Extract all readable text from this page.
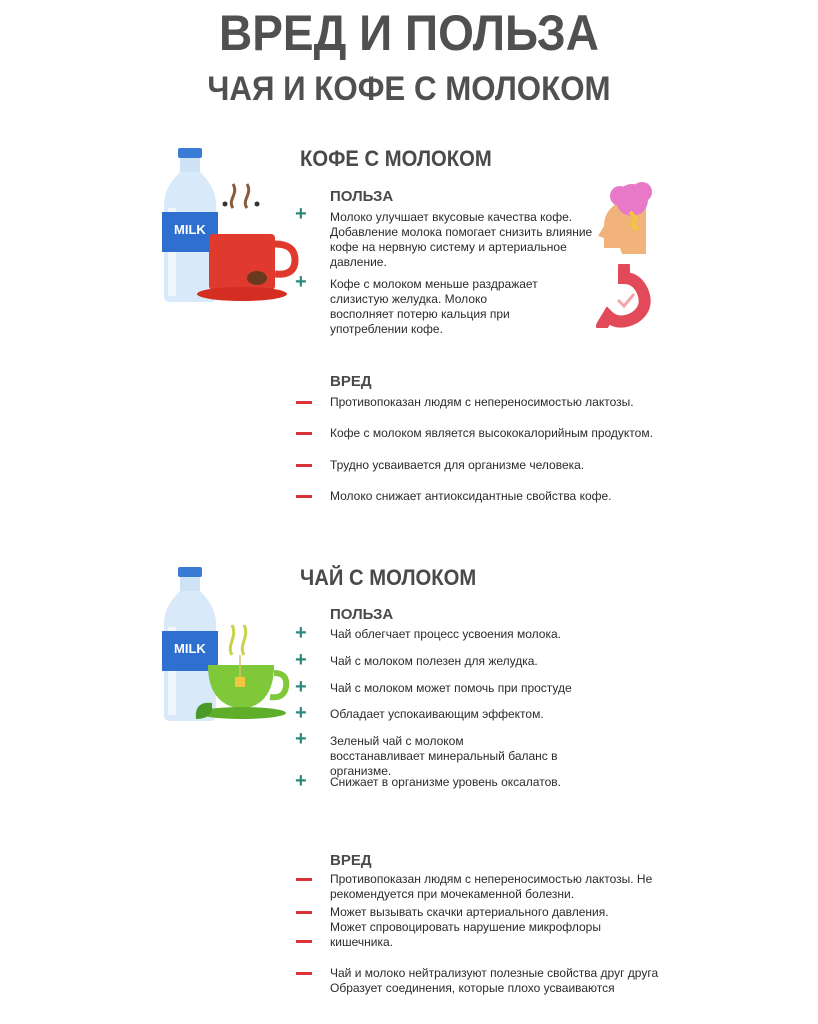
ВРЕД И ПОЛЬЗА
ЧАЯ И КОФЕ С МОЛОКОМ
КОФЕ С МОЛОКОМ
MILK
ПОЛЬЗА
+ Молоко улучшает вкусовые качества кофе. Добавление молока помогает снизить влияние кофе на нервную систему и артериальное давление.
+ Кофе с молоком меньше раздражает слизистую желудка. Молоко восполняет потерю кальция при употреблении кофе.
ВРЕД
Противопоказан людям с непереносимостью лактозы.
Кофе с молоком является высококалорийным продуктом.
Трудно усваивается для организме человека.
Молоко снижает антиоксидантные свойства кофе.
ЧАЙ С МОЛОКОМ
MILK
ПОЛЬЗА
+ Чай облегчает процесс усвоения молока.
+ Чай с молоком полезен для желудка.
+ Чай с молоком может помочь при простуде
+ Обладает успокаивающим эффектом.
+ Зеленый чай с молоком восстанавливает минеральный баланс в организме.
+ Снижает в организме уровень оксалатов.
ВРЕД
Противопоказан людям с непереносимостью лактозы. Не рекомендуется при мочекаменной болезни.
Может вызывать скачки артериального давления.
Может спровоцировать нарушение микрофлоры кишечника.
Чай и молоко нейтрализуют полезные свойства друг друга Образует соединения, которые плохо усваиваются
